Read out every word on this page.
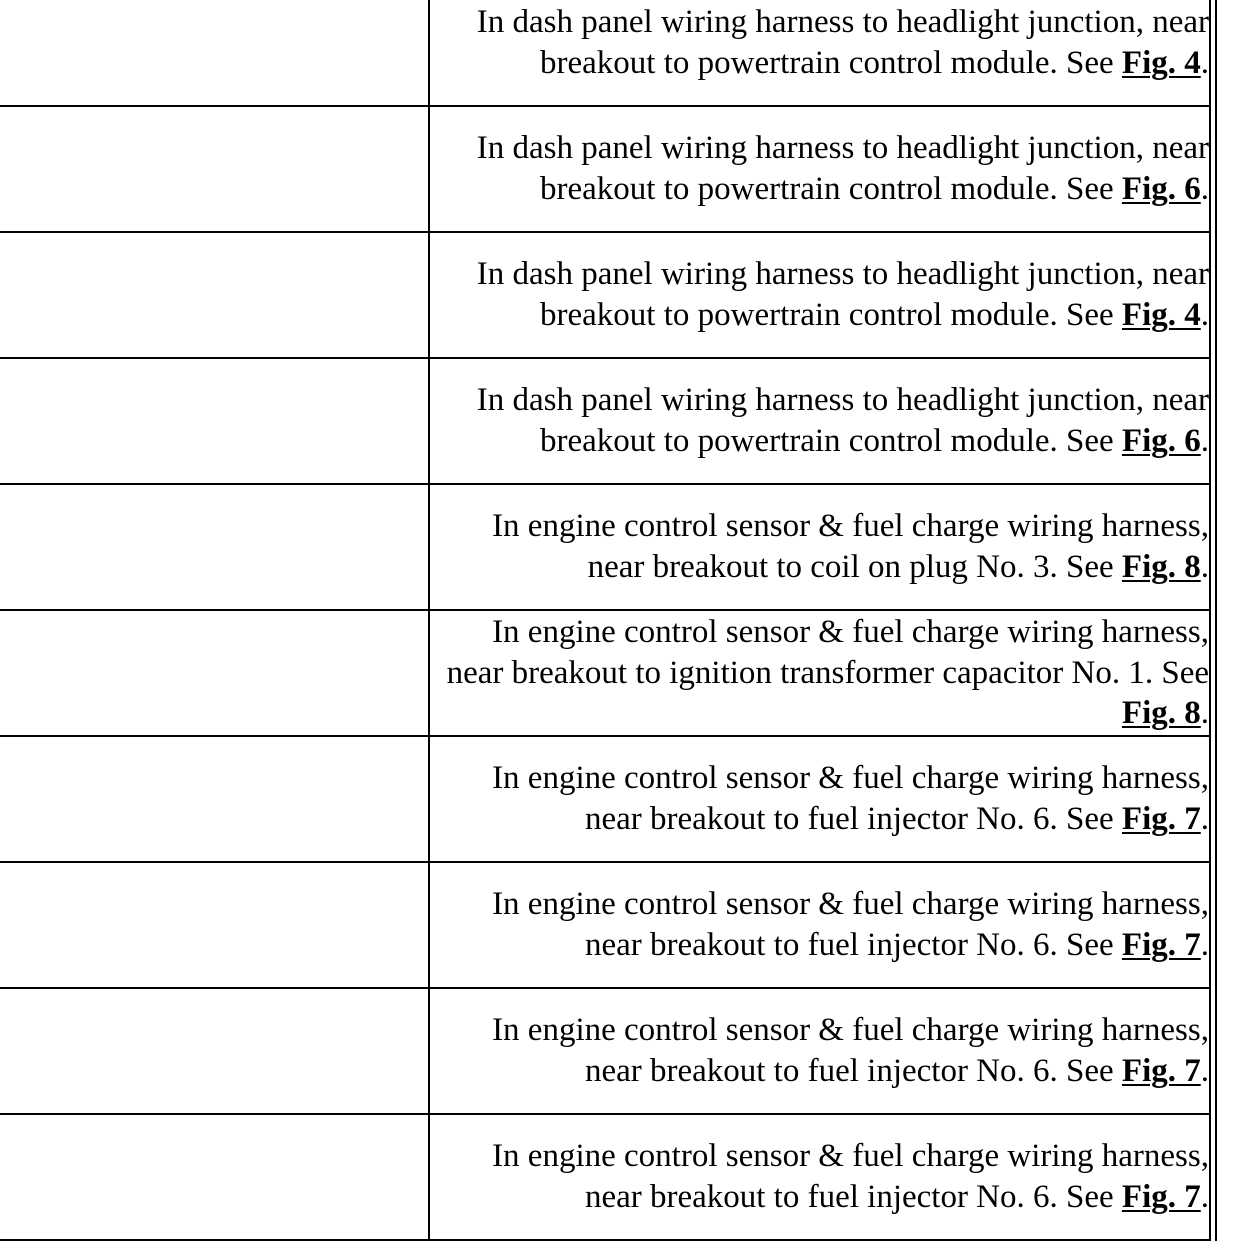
	In dash panel wiring harness to headlight junction, near breakout to powertrain control module. See Fig. 4.
	In dash panel wiring harness to headlight junction, near breakout to powertrain control module. See Fig. 6.
	In dash panel wiring harness to headlight junction, near breakout to powertrain control module. See Fig. 4.
	In dash panel wiring harness to headlight junction, near breakout to powertrain control module. See Fig. 6.
	In engine control sensor & fuel charge wiring harness, near breakout to coil on plug No. 3. See Fig. 8.
	In engine control sensor & fuel charge wiring harness, near breakout to ignition transformer capacitor No. 1. See Fig. 8.
	In engine control sensor & fuel charge wiring harness, near breakout to fuel injector No. 6. See Fig. 7.
	In engine control sensor & fuel charge wiring harness, near breakout to fuel injector No. 6. See Fig. 7.
	In engine control sensor & fuel charge wiring harness, near breakout to fuel injector No. 6. See Fig. 7.
	In engine control sensor & fuel charge wiring harness, near breakout to fuel injector No. 6. See Fig. 7.
